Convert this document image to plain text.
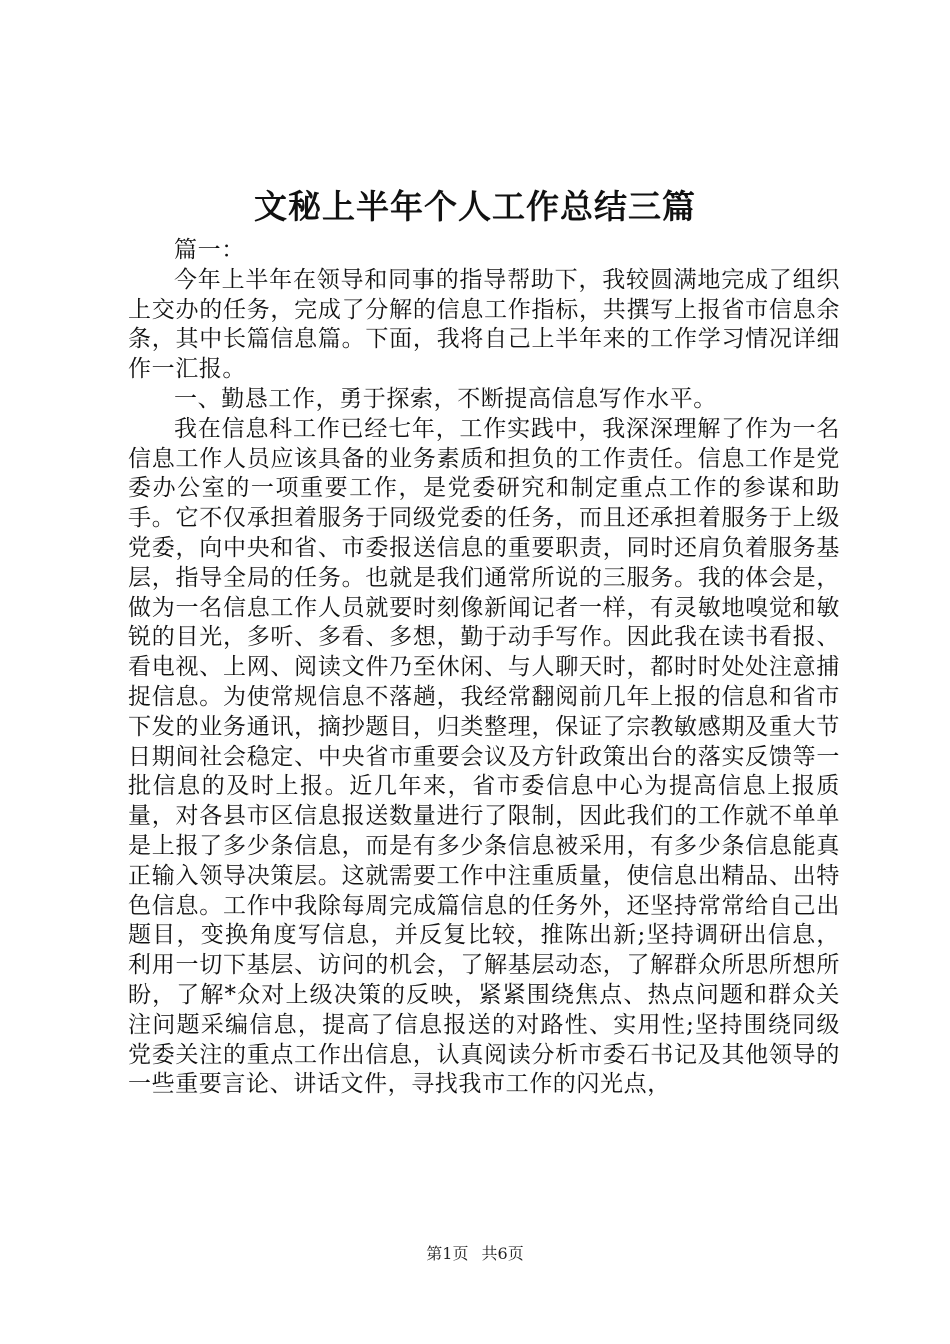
文秘上半年个人工作总结三篇

篇一：

今年上半年在领导和同事的指导帮助下，我较圆满地完成了组织上交办的任务，完成了分解的信息工作指标，共撰写上报省市信息余条，其中长篇信息篇。下面，我将自己上半年来的工作学习情况详细作一汇报。

一、勤恳工作，勇于探索，不断提高信息写作水平。

我在信息科工作已经七年，工作实践中，我深深理解了作为一名信息工作人员应该具备的业务素质和担负的工作责任。信息工作是党委办公室的一项重要工作，是党委研究和制定重点工作的参谋和助手。它不仅承担着服务于同级党委的任务，而且还承担着服务于上级党委，向中央和省、市委报送信息的重要职责，同时还肩负着服务基层，指导全局的任务。也就是我们通常所说的三服务。我的体会是，做为一名信息工作人员就要时刻像新闻记者一样，有灵敏地嗅觉和敏锐的目光，多听、多看、多想，勤于动手写作。因此我在读书看报、看电视、上网、阅读文件乃至休闲、与人聊天时，都时时处处注意捕捉信息。为使常规信息不落趟，我经常翻阅前几年上报的信息和省市下发的业务通讯，摘抄题目，归类整理，保证了宗教敏感期及重大节日期间社会稳定、中央省市重要会议及方针政策出台的落实反馈等一批信息的及时上报。近几年来，省市委信息中心为提高信息上报质量，对各县市区信息报送数量进行了限制，因此我们的工作就不单单是上报了多少条信息，而是有多少条信息被采用，有多少条信息能真正输入领导决策层。这就需要工作中注重质量，使信息出精品、出特色信息。工作中我除每周完成篇信息的任务外，还坚持常常给自己出题目，变换角度写信息，并反复比较，推陈出新;坚持调研出信息，利用一切下基层、访问的机会，了解基层动态，了解群众所思所想所盼，了解*众对上级决策的反映，紧紧围绕焦点、热点问题和群众关注问题采编信息，提高了信息报送的对路性、实用性;坚持围绕同级党委关注的重点工作出信息，认真阅读分析市委石书记及其他领导的一些重要言论、讲话文件，寻找我市工作的闪光点，

第1页 共6页
